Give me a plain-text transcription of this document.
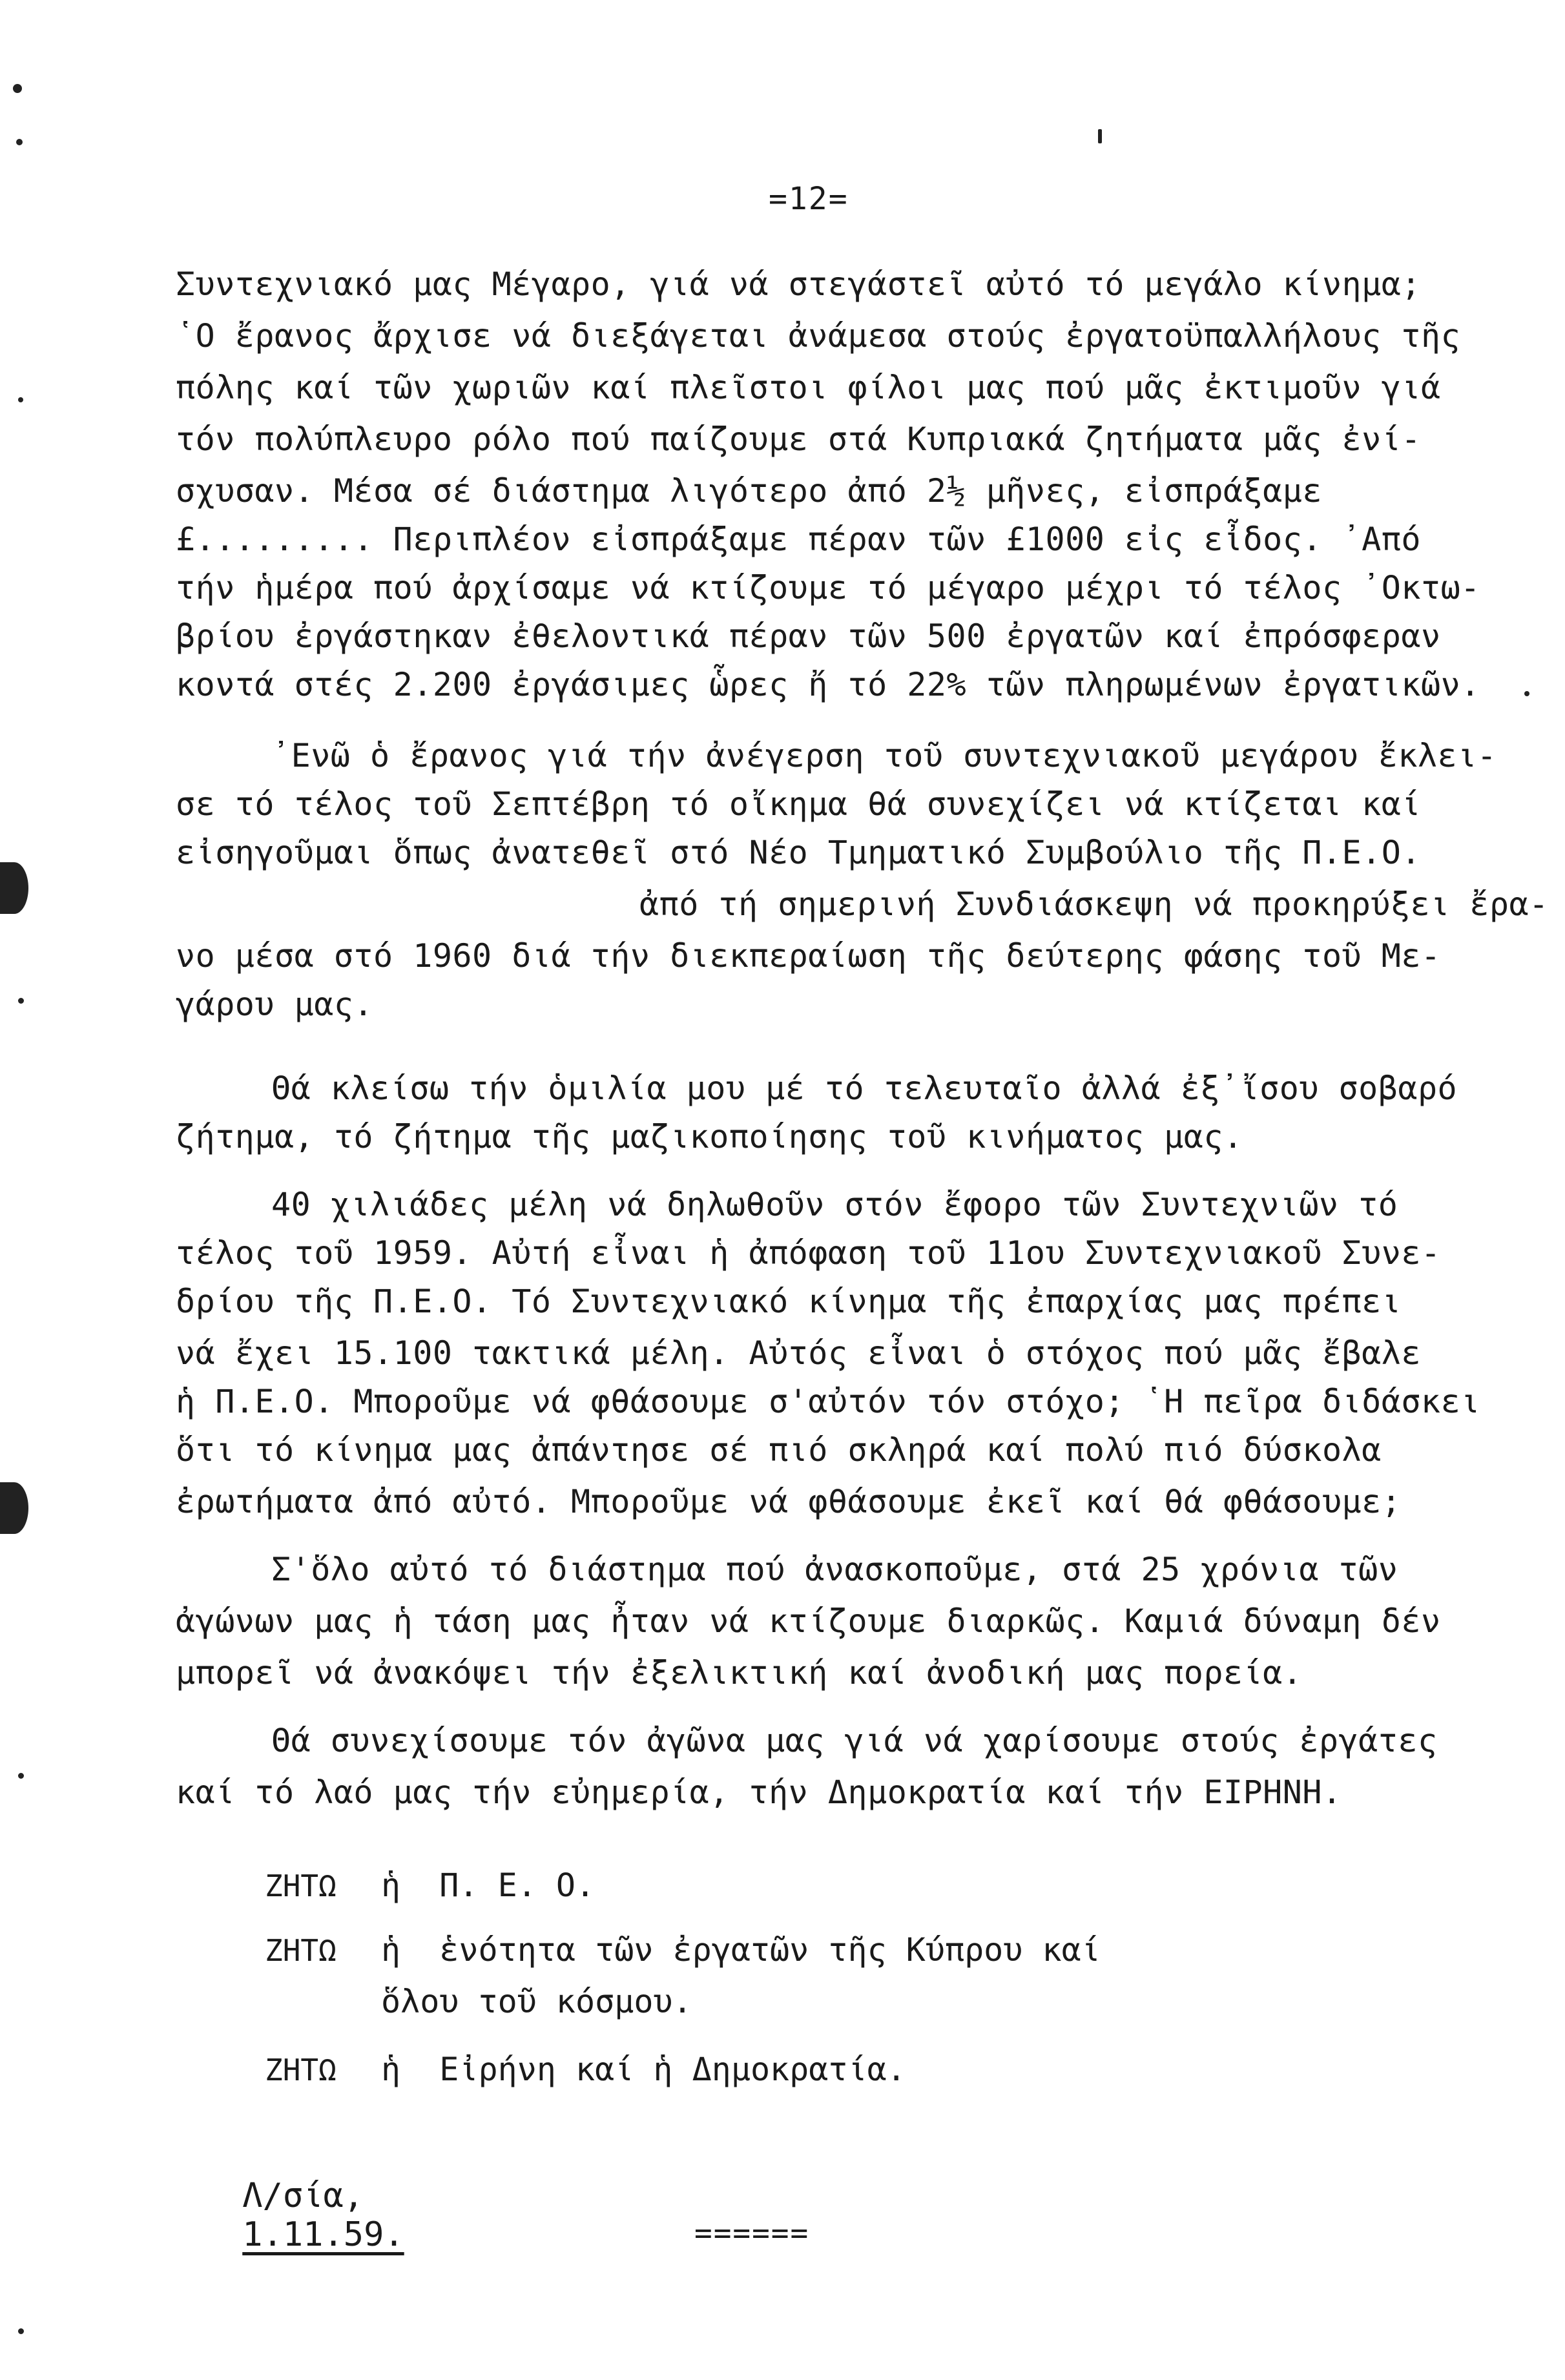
=12=
Συντεχνιακό μας Μέγαρο, γιά νά στεγάστεῖ αὐτό τό μεγάλο κίνημα;
῾Ο ἔρανος ἄρχισε νά διεξάγεται ἀνάμεσα στούς ἐργατοϋπαλλήλους τῆς
πόλης καί τῶν χωριῶν καί πλεῖστοι φίλοι μας πού μᾶς ἐκτιμοῦν γιά
τόν πολύπλευρο ρόλο πού παίζουμε στά Κυπριακά ζητήματα μᾶς ἐνί-
σχυσαν. Μέσα σέ διάστημα λιγότερο ἀπό 2½ μῆνες, εἰσπράξαμε
£......... Περιπλέον εἰσπράξαμε πέραν τῶν £1000 εἰς εἶδος. ᾿Από
τήν ἡμέρα πού ἀρχίσαμε νά κτίζουμε τό μέγαρο μέχρι τό τέλος ᾿Οκτω-
βρίου ἐργάστηκαν ἐθελοντικά πέραν τῶν 500 ἐργατῶν καί ἐπρόσφεραν
κοντά στές 2.200 ἐργάσιμες ὧρες ἤ τό 22% τῶν πληρωμένων ἐργατικῶν.
᾿Ενῶ ὁ ἔρανος γιά τήν ἀνέγερση τοῦ συντεχνιακοῦ μεγάρου ἔκλει-
σε τό τέλος τοῦ Σεπτέβρη τό οἴκημα θά συνεχίζει νά κτίζεται καί
εἰσηγοῦμαι ὅπως ἀνατεθεῖ στό Νέο Τμηματικό Συμβούλιο τῆς Π.Ε.Ο.
ἀπό τή σημερινή Συνδιάσκεψη νά προκηρύξει ἔρα-
νο μέσα στό 1960 διά τήν διεκπεραίωση τῆς δεύτερης φάσης τοῦ Με-
γάρου μας.
Θά κλείσω τήν ὁμιλία μου μέ τό τελευταῖο ἀλλά ἐξ᾿ἴσου σοβαρό
ζήτημα, τό ζήτημα τῆς μαζικοποίησης τοῦ κινήματος μας.
40 χιλιάδες μέλη νά δηλωθοῦν στόν ἔφορο τῶν Συντεχνιῶν τό
τέλος τοῦ 1959. Αὐτή εἶναι ἡ ἀπόφαση τοῦ 11ου Συντεχνιακοῦ Συνε-
δρίου τῆς Π.Ε.Ο. Τό Συντεχνιακό κίνημα τῆς ἐπαρχίας μας πρέπει
νά ἔχει 15.100 τακτικά μέλη. Αὐτός εἶναι ὁ στόχος πού μᾶς ἔβαλε
ἡ Π.Ε.Ο. Μποροῦμε νά φθάσουμε σ'αὐτόν τόν στόχο; ῾Η πεῖρα διδάσκει
ὅτι τό κίνημα μας ἀπάντησε σέ πιό σκληρά καί πολύ πιό δύσκολα
ἐρωτήματα ἀπό αὐτό. Μποροῦμε νά φθάσουμε ἐκεῖ καί θά φθάσουμε;
Σ'ὅλο αὐτό τό διάστημα πού ἀνασκοποῦμε, στά 25 χρόνια τῶν
ἀγώνων μας ἡ τάση μας ἦταν νά κτίζουμε διαρκῶς. Καμιά δύναμη δέν
μπορεῖ νά ἀνακόψει τήν ἐξελικτική καί ἀνοδική μας πορεία.
Θά συνεχίσουμε τόν ἀγῶνα μας γιά νά χαρίσουμε στούς ἐργάτες
καί τό λαό μας τήν εὐημερία, τήν Δημοκρατία καί τήν ΕΙΡΗΝΗ.
ΖΗΤΩ ἡ  Π. Ε. Ο.
ΖΗΤΩ ἡ  ἑνότητα τῶν ἐργατῶν τῆς Κύπρου καί
ὅλου τοῦ κόσμου.
ΖΗΤΩ ἡ  Εἰρήνη καί ἡ Δημοκρατία.

Λ/σία,
1.11.59.
	======
